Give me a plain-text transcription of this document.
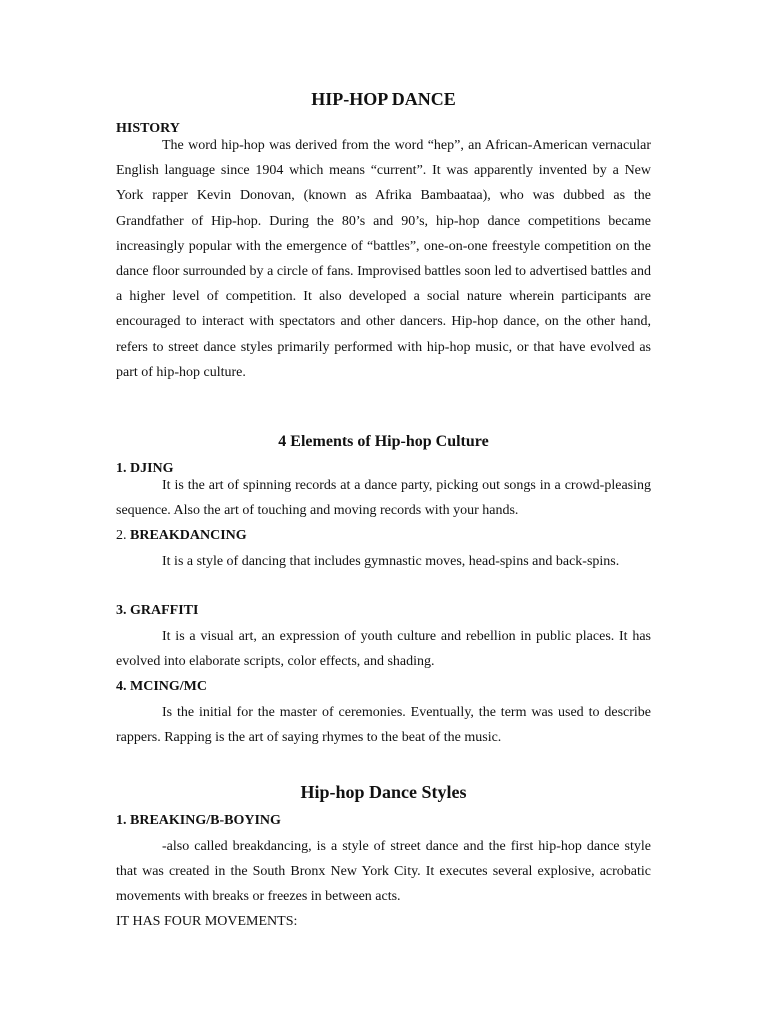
HIP-HOP DANCE
HISTORY

The word hip-hop was derived from the word “hep”, an African-American vernacular English language since 1904 which means “current”. It was apparently invented by a New York rapper Kevin Donovan, (known as Afrika Bambaataa), who was dubbed as the Grandfather of Hip-hop. During the 80’s and 90’s, hip-hop dance competitions became increasingly popular with the emergence of “battles”, one-on-one freestyle competition on the dance floor surrounded by a circle of fans. Improvised battles soon led to advertised battles and a higher level of competition. It also developed a social nature wherein participants are encouraged to interact with spectators and other dancers. Hip-hop dance, on the other hand, refers to street dance styles primarily performed with hip-hop music, or that have evolved as part of hip-hop culture.

4 Elements of Hip-hop Culture
1. DJING

It is the art of spinning records at a dance party, picking out songs in a crowd-pleasing sequence. Also the art of touching and moving records with your hands.

2. BREAKDANCING

It is a style of dancing that includes gymnastic moves, head-spins and back-spins.

3. GRAFFITI

It is a visual art, an expression of youth culture and rebellion in public places. It has evolved into elaborate scripts, color effects, and shading.

4. MCING/MC

Is the initial for the master of ceremonies. Eventually, the term was used to describe rappers. Rapping is the art of saying rhymes to the beat of the music.

Hip-hop Dance Styles
1. BREAKING/B-BOYING

-also called breakdancing, is a style of street dance and the first hip-hop dance style that was created in the South Bronx New York City. It executes several explosive, acrobatic movements with breaks or freezes in between acts.

IT HAS FOUR MOVEMENTS:
